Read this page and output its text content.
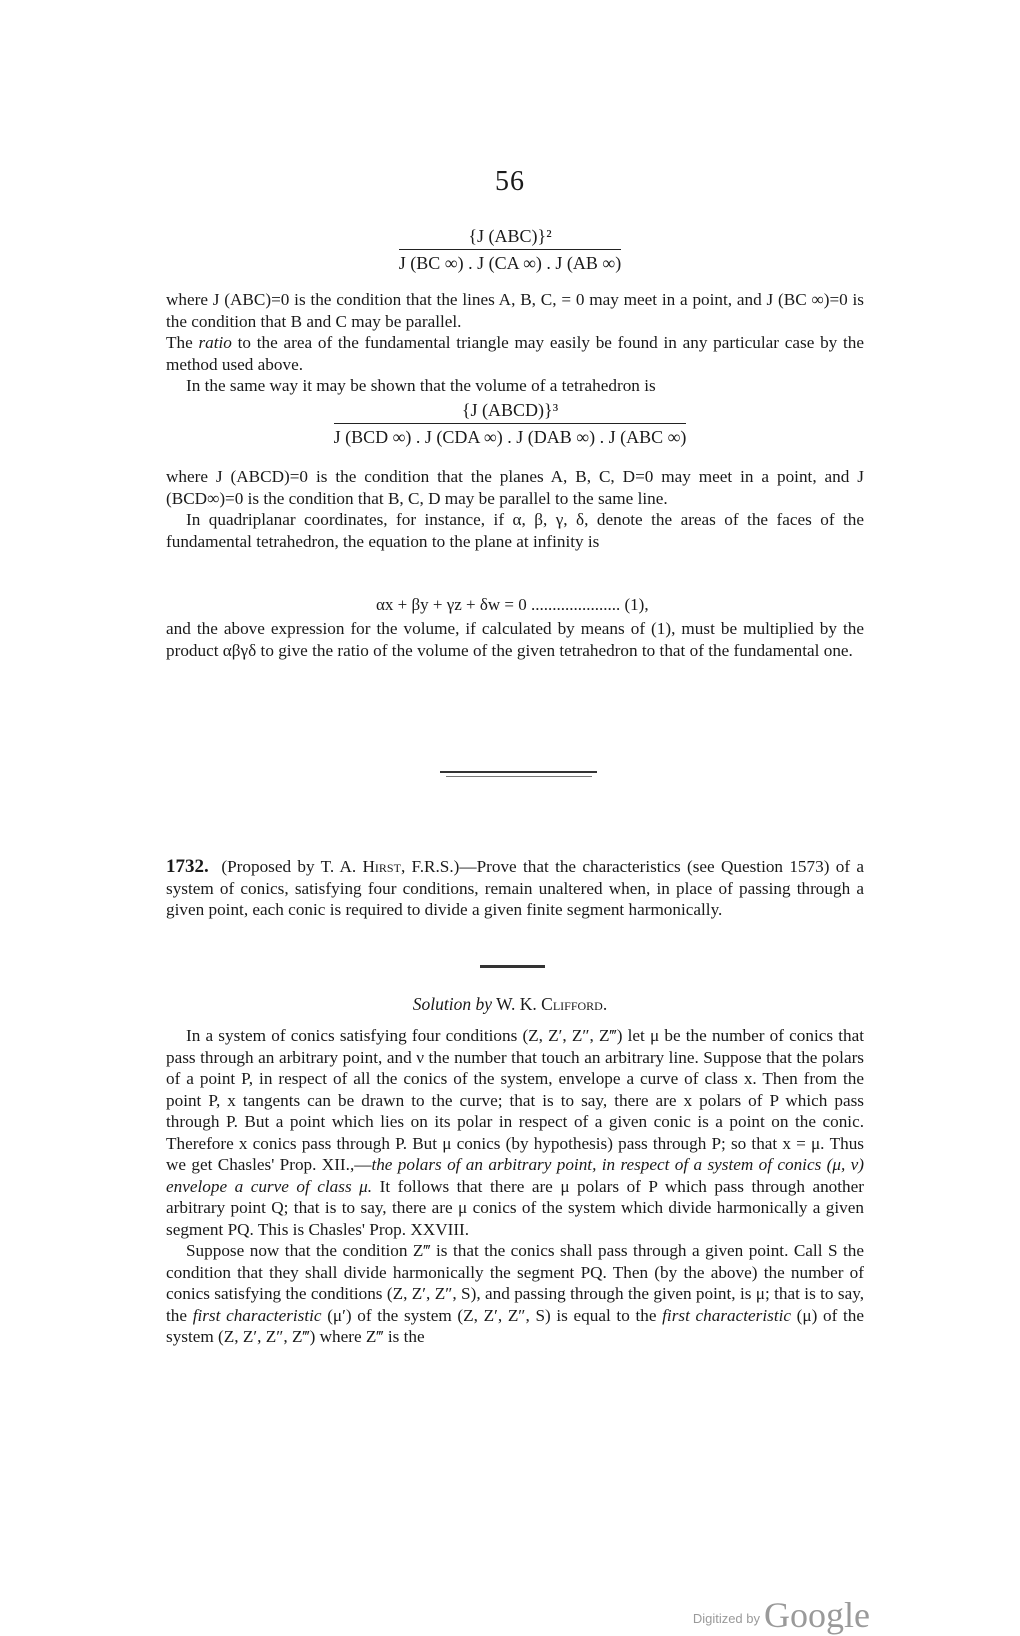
56
{J (ABC)}²
J (BC ∞) . J (CA ∞) . J (AB ∞)

where J (ABC)=0 is the condition that the lines A, B, C, = 0 may meet in a point, and J (BC ∞)=0 is the condition that B and C may be parallel.

The ratio to the area of the fundamental triangle may easily be found in any particular case by the method used above.

In the same way it may be shown that the volume of a tetrahedron is

{J (ABCD)}³
J (BCD ∞) . J (CDA ∞) . J (DAB ∞) . J (ABC ∞)

where J (ABCD)=0 is the condition that the planes A, B, C, D=0 may meet in a point, and J (BCD∞)=0 is the condition that B, C, D may be parallel to the same line.

In quadriplanar coordinates, for instance, if α, β, γ, δ, denote the areas of the faces of the fundamental tetrahedron, the equation to the plane at infinity is

αx + βy + γz + δw = 0 ..................... (1),

and the above expression for the volume, if calculated by means of (1), must be multiplied by the product αβγδ to give the ratio of the volume of the given tetrahedron to that of the fundamental one.

1732. (Proposed by T. A. Hirst, F.R.S.)—Prove that the characteristics (see Question 1573) of a system of conics, satisfying four conditions, remain unaltered when, in place of passing through a given point, each conic is required to divide a given finite segment harmonically.

Solution by W. K. Clifford.

In a system of conics satisfying four conditions (Z, Z′, Z″, Z‴) let μ be the number of conics that pass through an arbitrary point, and ν the number that touch an arbitrary line. Suppose that the polars of a point P, in respect of all the conics of the system, envelope a curve of class x. Then from the point P, x tangents can be drawn to the curve; that is to say, there are x polars of P which pass through P. But a point which lies on its polar in respect of a given conic is a point on the conic. Therefore x conics pass through P. But μ conics (by hypothesis) pass through P; so that x = μ. Thus we get Chasles' Prop. XII.,—the polars of an arbitrary point, in respect of a system of conics (μ, ν) envelope a curve of class μ. It follows that there are μ polars of P which pass through another arbitrary point Q; that is to say, there are μ conics of the system which divide harmonically a given segment PQ. This is Chasles' Prop. XXVIII.

Suppose now that the condition Z‴ is that the conics shall pass through a given point. Call S the condition that they shall divide harmonically the segment PQ. Then (by the above) the number of conics satisfying the conditions (Z, Z′, Z″, S), and passing through the given point, is μ; that is to say, the first characteristic (μ′) of the system (Z, Z′, Z″, S) is equal to the first characteristic (μ) of the system (Z, Z′, Z″, Z‴) where Z‴ is the

$^{Digitized by}$ Google
